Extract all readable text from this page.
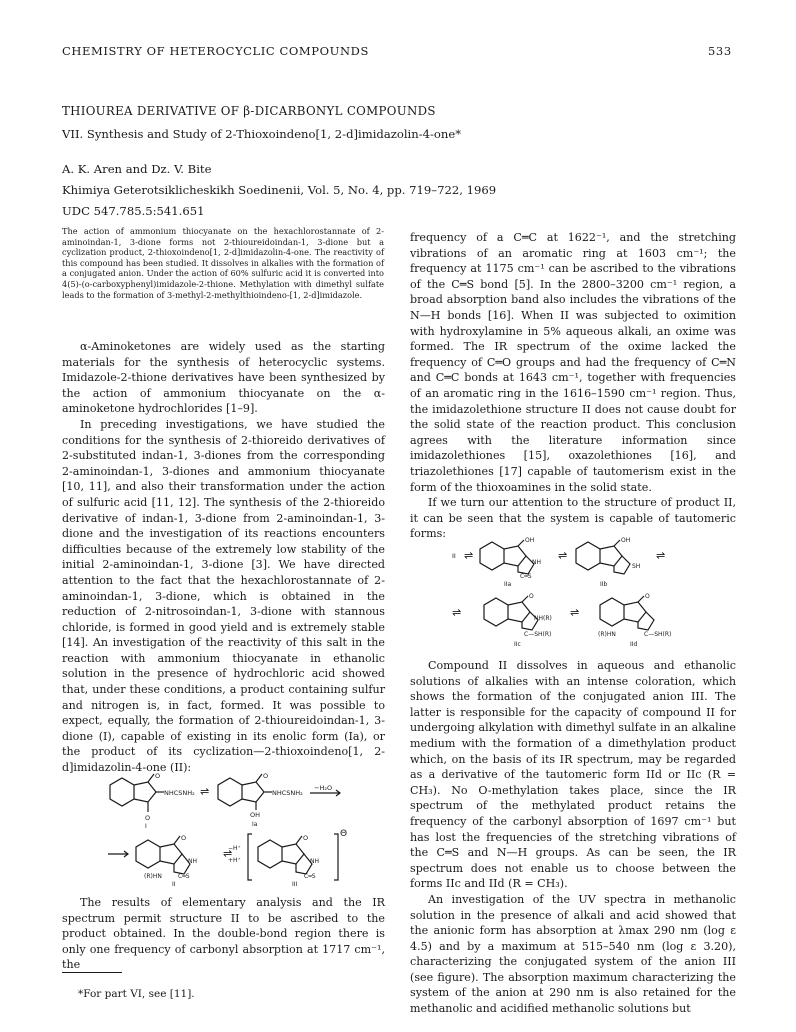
CHEMISTRY OF HETEROCYCLIC COMPOUNDS	533
THIOUREA DERIVATIVE OF β-DICARBONYL COMPOUNDS
VII. Synthesis and Study of 2-Thioxoindeno[1, 2-d]imidazolin-4-one*
A. K. Aren and Dz. V. Bite
Khimiya Geterotsiklicheskikh Soedinenii, Vol. 5, No. 4, pp. 719–722, 1969
UDC 547.785.5:541.651
The action of ammonium thiocyanate on the hexachlorostannate of 2-aminoindan-1, 3-dione forms not 2-thioureidoindan-1, 3-dione but a cyclization product, 2-thioxoindeno[1, 2-d]imidazolin-4-one. The reactivity of this compound has been studied. It dissolves in alkalies with the formation of a conjugated anion. Under the action of 60% sulfuric acid it is converted into 4(5)-(o-carboxyphenyl)imidazole-2-thione. Methylation with dimethyl sulfate leads to the formation of 3-methyl-2-methylthioindeno-[1, 2-d]imidazole.

α-Aminoketones are widely used as the starting materials for the synthesis of heterocyclic systems. Imidazole-2-thione derivatives have been synthesized by the action of ammonium thiocyanate on the α-aminoketone hydrochlorides [1–9].

In preceding investigations, we have studied the conditions for the synthesis of 2-thioreido derivatives of 2-substituted indan-1, 3-diones from the corresponding 2-aminoindan-1, 3-diones and ammonium thiocyanate [10, 11], and also their transformation under the action of sulfuric acid [11, 12]. The synthesis of the 2-thioreido derivative of indan-1, 3-dione from 2-aminoindan-1, 3-dione and the investigation of its reactions encounters difficulties because of the extremely low stability of the initial 2-aminoindan-1, 3-dione [3]. We have directed attention to the fact that the hexachlorostannate of 2-aminoindan-1, 3-dione, which is obtained in the reduction of 2-nitrosoindan-1, 3-dione with stannous chloride, is formed in good yield and is extremely stable [14]. An investigation of the reactivity of this salt in the reaction with ammonium thiocyanate in ethanolic solution in the presence of hydrochloric acid showed that, under these conditions, a product containing sulfur and nitrogen is, in fact, formed. It was possible to expect, equally, the formation of 2-thioureidoindan-1, 3-dione (I), capable of existing in its enolic form (Ia), or the product of its cyclization—2-thioxoindeno[1, 2-d]imidazolin-4-one (II):

O
NHCSNH₂
O
I
⇌
O
NHCSNH₂
OH
Ia
−H₂O
O
NH
(R)HN	C═S
II
−H⁺
+H⁺
⇌
O
NH
C═S
Θ
III

The results of elementary analysis and the IR spectrum permit structure II to be ascribed to the product obtained. In the double-bond region there is only one frequency of carbonyl absorption at 1717 cm⁻¹, the

*For part VI, see [11].

frequency of a C═C at 1622⁻¹, and the stretching vibrations of an aromatic ring at 1603 cm⁻¹; the frequency at 1175 cm⁻¹ can be ascribed to the vibrations of the C═S bond [5]. In the 2800–3200 cm⁻¹ region, a broad absorption band also includes the vibrations of the N—H bonds [16]. When II was subjected to oximition with hydroxylamine in 5% aqueous alkali, an oxime was formed. The IR spectrum of the oxime lacked the frequency of C═O groups and had the frequency of C═N and C═C bonds at 1643 cm⁻¹, together with frequencies of an aromatic ring in the 1616–1590 cm⁻¹ region. Thus, the imidazolethione structure II does not cause doubt for the solid state of the reaction product. This conclusion agrees with the literature information since imidazolethiones [15], oxazolethiones [16], and triazolethiones [17] capable of tautomerism exist in the form of the thioxoamines in the solid state.

If we turn our attention to the structure of product II, it can be seen that the system is capable of tautomeric forms:

II ⇌
OH
NH
C═S
IIa
⇌
OH
SH
IIb
⇌
⇌
O
NH(R)
C—SH(R)
IIc
⇌
O
(R)HN	C—SH(R)
IId

Compound II dissolves in aqueous and ethanolic solutions of alkalies with an intense coloration, which shows the formation of the conjugated anion III. The latter is responsible for the capacity of compound II for undergoing alkylation with dimethyl sulfate in an alkaline medium with the formation of a dimethylation product which, on the basis of its IR spectrum, may be regarded as a derivative of the tautomeric form IId or IIc (R = CH₃). No O-methylation takes place, since the IR spectrum of the methylated product retains the frequency of the carbonyl absorption of 1697 cm⁻¹ but has lost the frequencies of the stretching vibrations of the C═S and N—H groups. As can be seen, the IR spectrum does not enable us to choose between the forms IIc and IId (R = CH₃).

An investigation of the UV spectra in methanolic solution in the presence of alkali and acid showed that the anionic form has absorption at λmax 290 nm (log ε 4.5) and by a maximum at 515–540 nm (log ε 3.20), characterizing the conjugated system of the anion III (see figure). The absorption maximum characterizing the system of the anion at 290 nm is also retained for the methanolic and acidified methanolic solutions but
